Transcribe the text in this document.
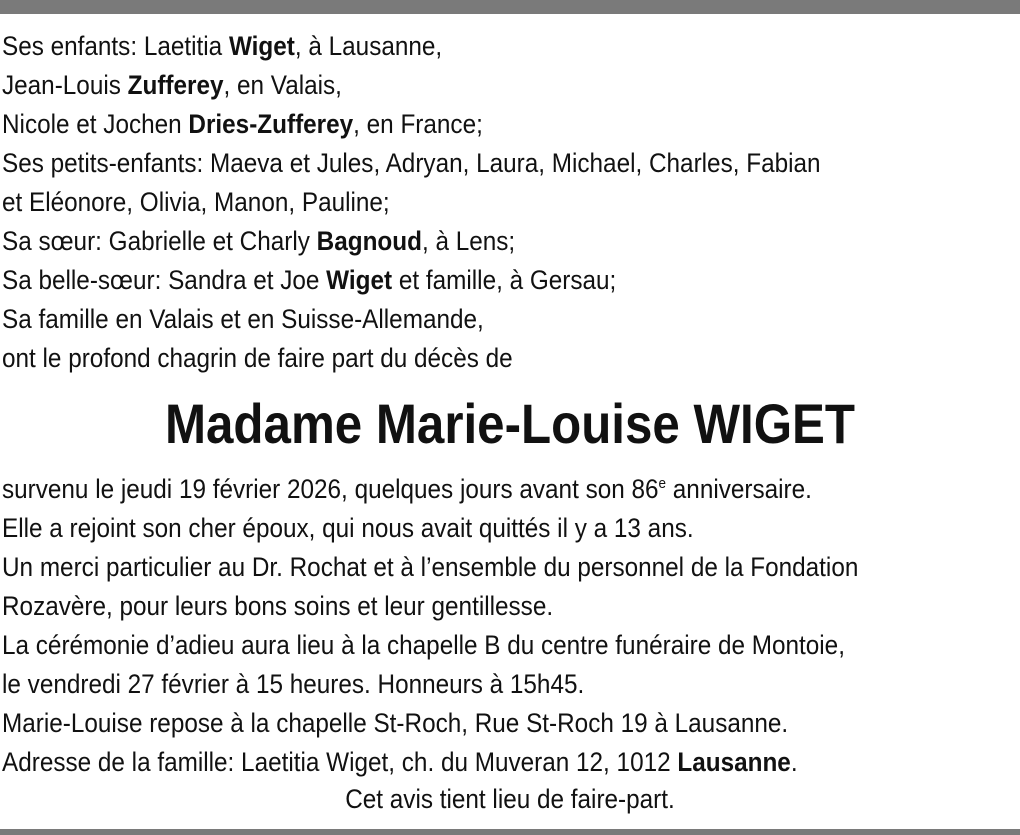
Ses enfants: Laetitia Wiget, à Lausanne,
Jean-Louis Zufferey, en Valais,
Nicole et Jochen Dries-Zufferey, en France;
Ses petits-enfants: Maeva et Jules, Adryan, Laura, Michael, Charles, Fabian
et Eléonore, Olivia, Manon, Pauline;
Sa sœur: Gabrielle et Charly Bagnoud, à Lens;
Sa belle-sœur: Sandra et Joe Wiget et famille, à Gersau;
Sa famille en Valais et en Suisse-Allemande,
ont le profond chagrin de faire part du décès de
Madame Marie-Louise WIGET
survenu le jeudi 19 février 2026, quelques jours avant son 86e anniversaire.
Elle a rejoint son cher époux, qui nous avait quittés il y a 13 ans.
Un merci particulier au Dr. Rochat et à l’ensemble du personnel de la Fondation
Rozavère, pour leurs bons soins et leur gentillesse.
La cérémonie d’adieu aura lieu à la chapelle B du centre funéraire de Montoie,
le vendredi 27 février à 15 heures. Honneurs à 15h45.
Marie-Louise repose à la chapelle St-Roch, Rue St-Roch 19 à Lausanne.
Adresse de la famille: Laetitia Wiget, ch. du Muveran 12, 1012 Lausanne.
Cet avis tient lieu de faire-part.
